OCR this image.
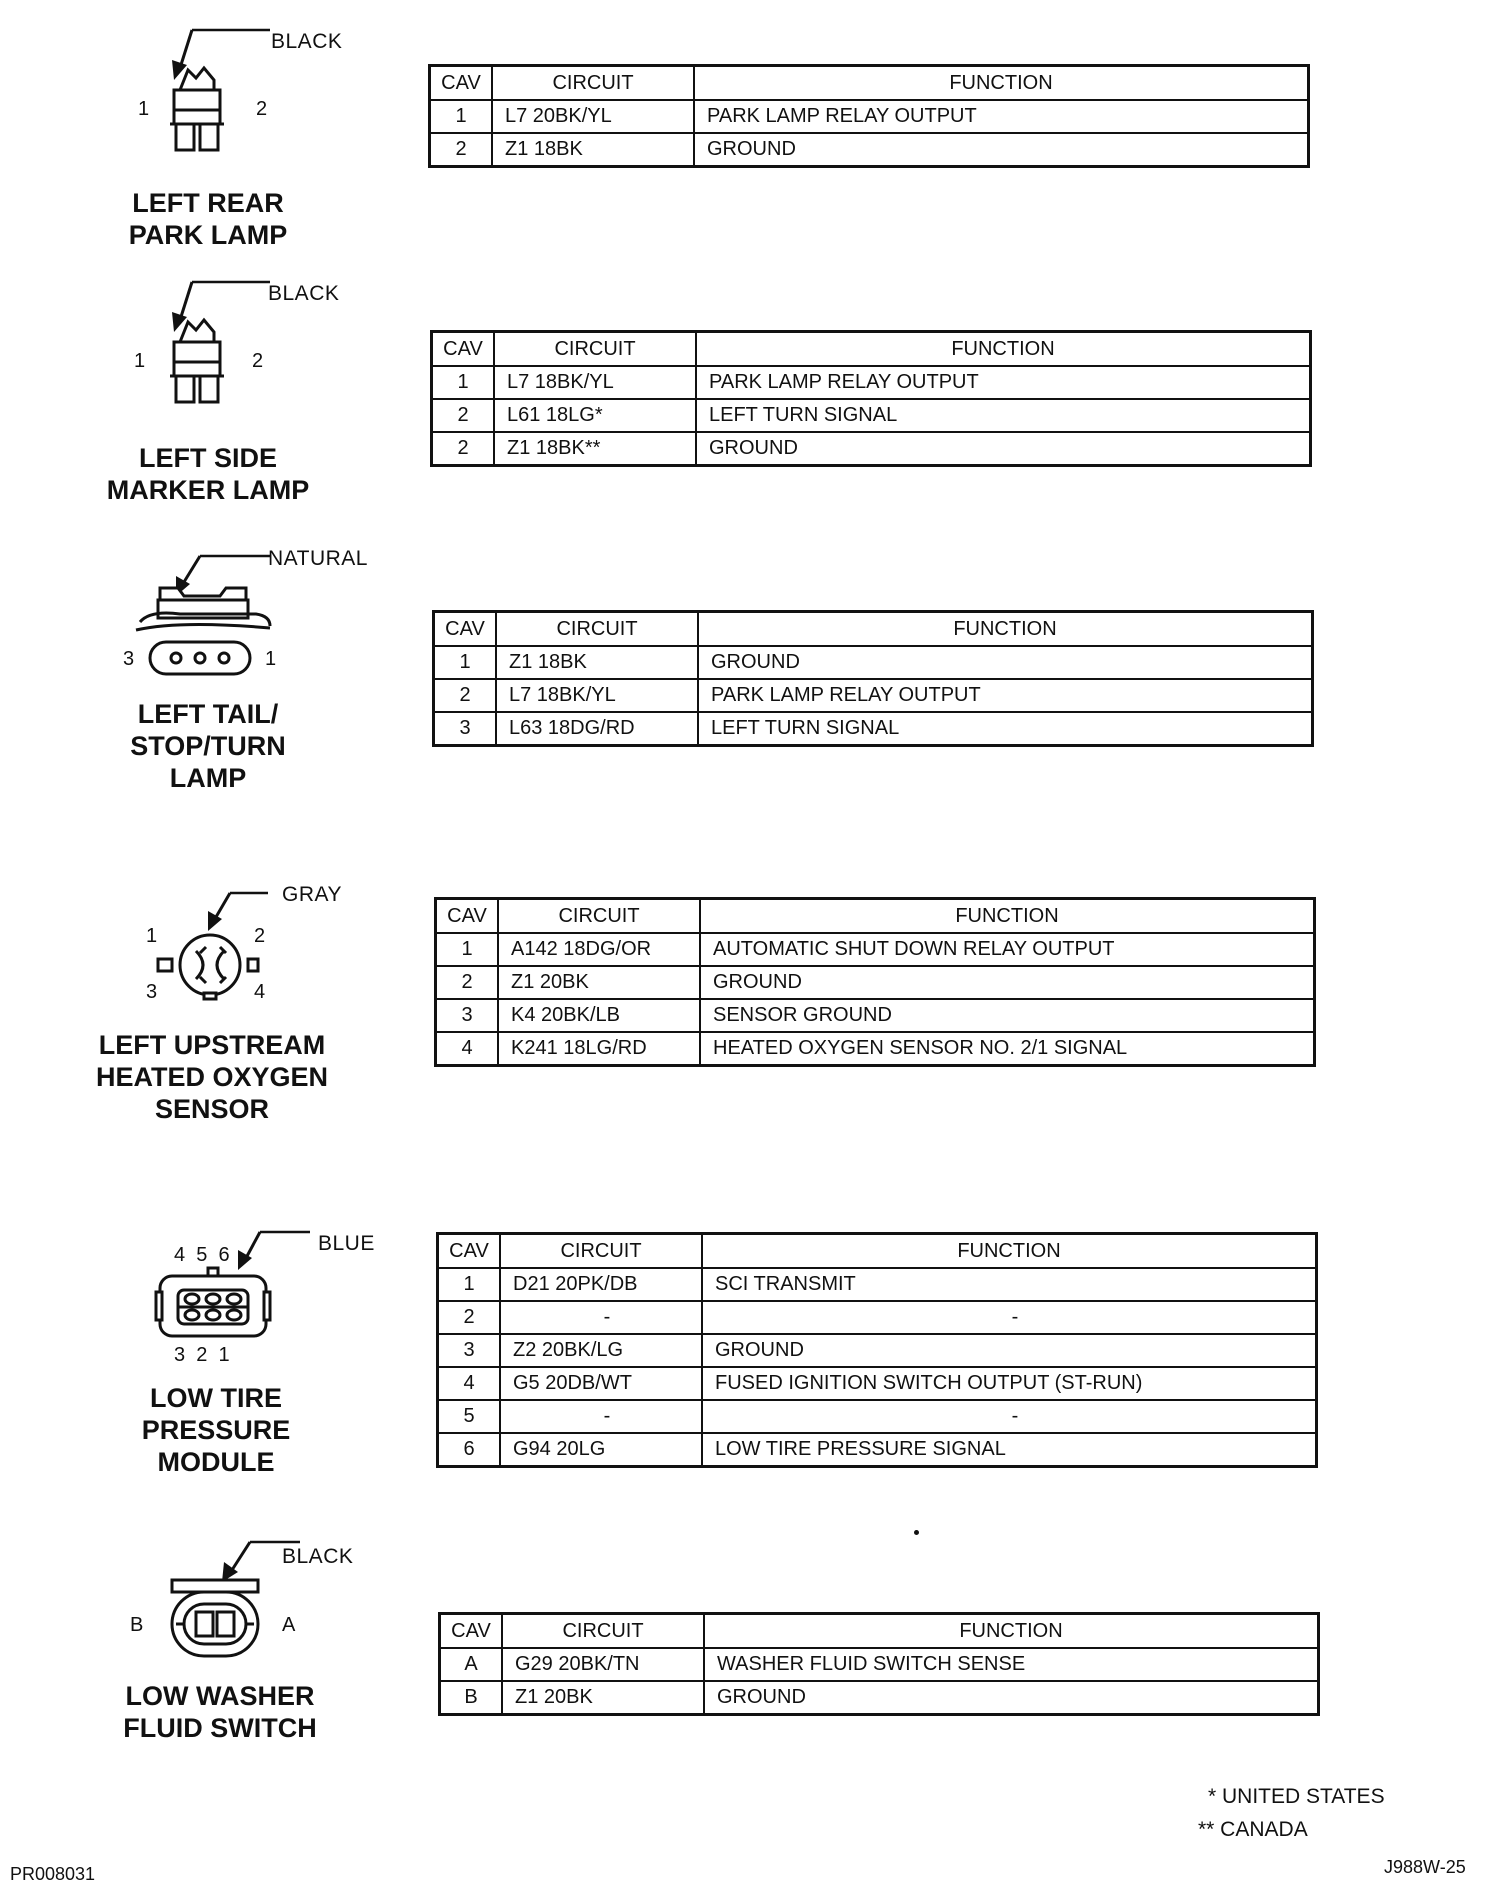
BLACK
1	2
LEFT REAR
PARK LAMP
CAV	CIRCUIT	FUNCTION
1	L7 20BK/YL	PARK LAMP RELAY OUTPUT
2	Z1 18BK	GROUND
BLACK
1	2
LEFT SIDE
MARKER LAMP
CAV	CIRCUIT	FUNCTION
1	L7 18BK/YL	PARK LAMP RELAY OUTPUT
2	L61 18LG*	LEFT TURN SIGNAL
2	Z1 18BK**	GROUND
NATURAL
3	1
LEFT TAIL/
STOP/TURN
LAMP
CAV	CIRCUIT	FUNCTION
1	Z1 18BK	GROUND
2	L7 18BK/YL	PARK LAMP RELAY OUTPUT
3	L63 18DG/RD	LEFT TURN SIGNAL
GRAY
1	2
3	4
LEFT UPSTREAM
HEATED OXYGEN
SENSOR
CAV	CIRCUIT	FUNCTION
1	A142 18DG/OR	AUTOMATIC SHUT DOWN RELAY OUTPUT
2	Z1 20BK	GROUND
3	K4 20BK/LB	SENSOR GROUND
4	K241 18LG/RD	HEATED OXYGEN SENSOR NO. 2/1 SIGNAL
BLUE
4  5  6
3  2  1
LOW TIRE
PRESSURE
MODULE
CAV	CIRCUIT	FUNCTION
1	D21 20PK/DB	SCI TRANSMIT
2	-	-
3	Z2 20BK/LG	GROUND
4	G5 20DB/WT	FUSED IGNITION SWITCH OUTPUT (ST-RUN)
5	-	-
6	G94 20LG	LOW TIRE PRESSURE SIGNAL
BLACK
B	A
LOW WASHER
FLUID SWITCH
CAV	CIRCUIT	FUNCTION
A	G29 20BK/TN	WASHER FLUID SWITCH SENSE
B	Z1 20BK	GROUND
* UNITED STATES
** CANADA
PR008031	J988W-25
